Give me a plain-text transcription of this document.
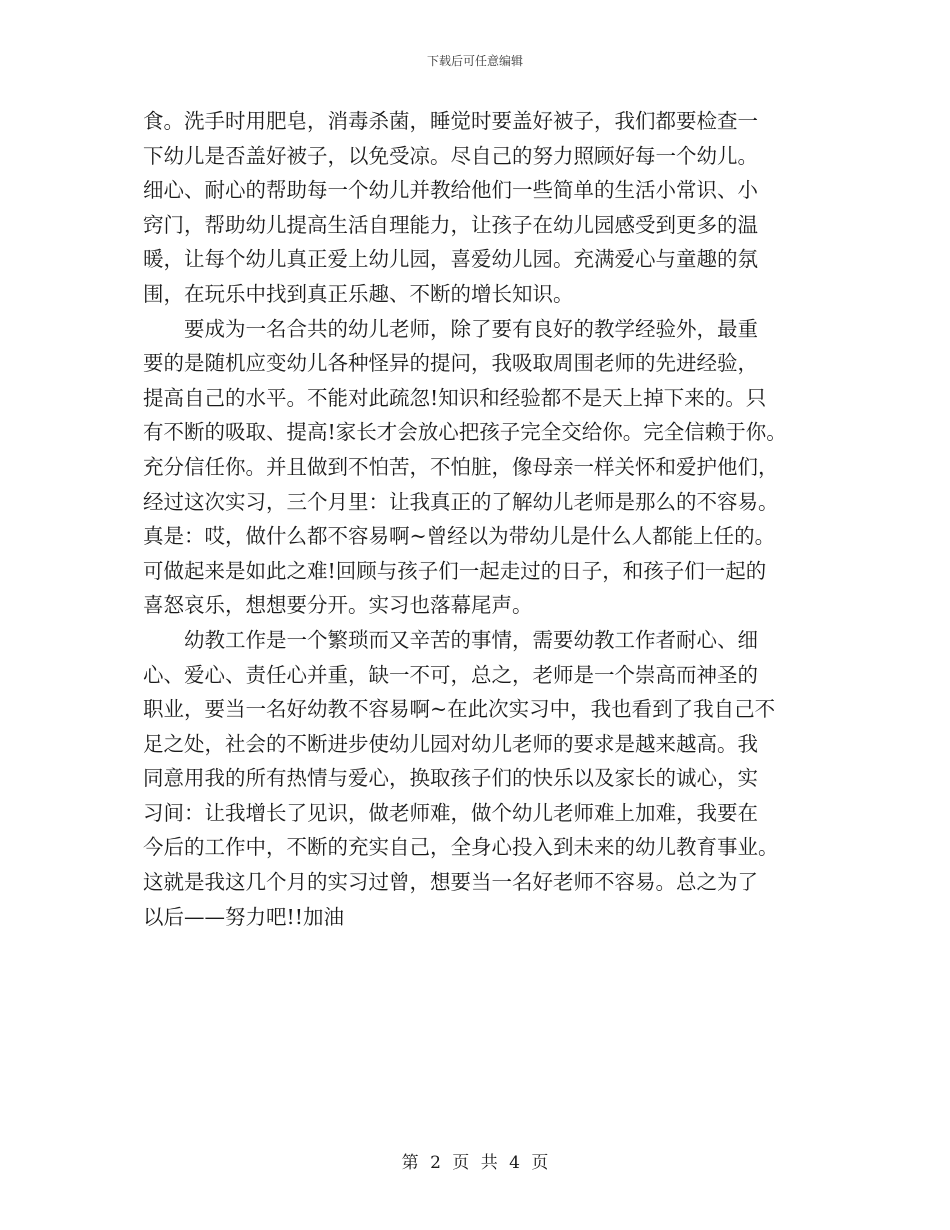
下载后可任意编辑
食。洗手时用肥皂，消毒杀菌，睡觉时要盖好被子，我们都要检查一
下幼儿是否盖好被子，以免受凉。尽自己的努力照顾好每一个幼儿。
细心、耐心的帮助每一个幼儿并教给他们一些简单的生活小常识、小
窍门，帮助幼儿提高生活自理能力，让孩子在幼儿园感受到更多的温
暖，让每个幼儿真正爱上幼儿园，喜爱幼儿园。充满爱心与童趣的氛
围，在玩乐中找到真正乐趣、不断的增长知识。
　　要成为一名合共的幼儿老师，除了要有良好的教学经验外，最重
要的是随机应变幼儿各种怪异的提问，我吸取周围老师的先进经验，
提高自己的水平。不能对此疏忽!知识和经验都不是天上掉下来的。只
有不断的吸取、提高!家长才会放心把孩子完全交给你。完全信赖于你。
充分信任你。并且做到不怕苦，不怕脏，像母亲一样关怀和爱护他们，
经过这次实习，三个月里：让我真正的了解幼儿老师是那么的不容易。
真是：哎，做什么都不容易啊~曾经以为带幼儿是什么人都能上任的。
可做起来是如此之难!回顾与孩子们一起走过的日子，和孩子们一起的
喜怒哀乐，想想要分开。实习也落幕尾声。
　　幼教工作是一个繁琐而又辛苦的事情，需要幼教工作者耐心、细
心、爱心、责任心并重，缺一不可，总之，老师是一个崇高而神圣的
职业，要当一名好幼教不容易啊~在此次实习中，我也看到了我自己不
足之处，社会的不断进步使幼儿园对幼儿老师的要求是越来越高。我
同意用我的所有热情与爱心，换取孩子们的快乐以及家长的诚心，实
习间：让我增长了见识，做老师难，做个幼儿老师难上加难，我要在
今后的工作中，不断的充实自己，全身心投入到未来的幼儿教育事业。
这就是我这几个月的实习过曾，想要当一名好老师不容易。总之为了
以后——努力吧!!加油
第 2 页 共 4 页
